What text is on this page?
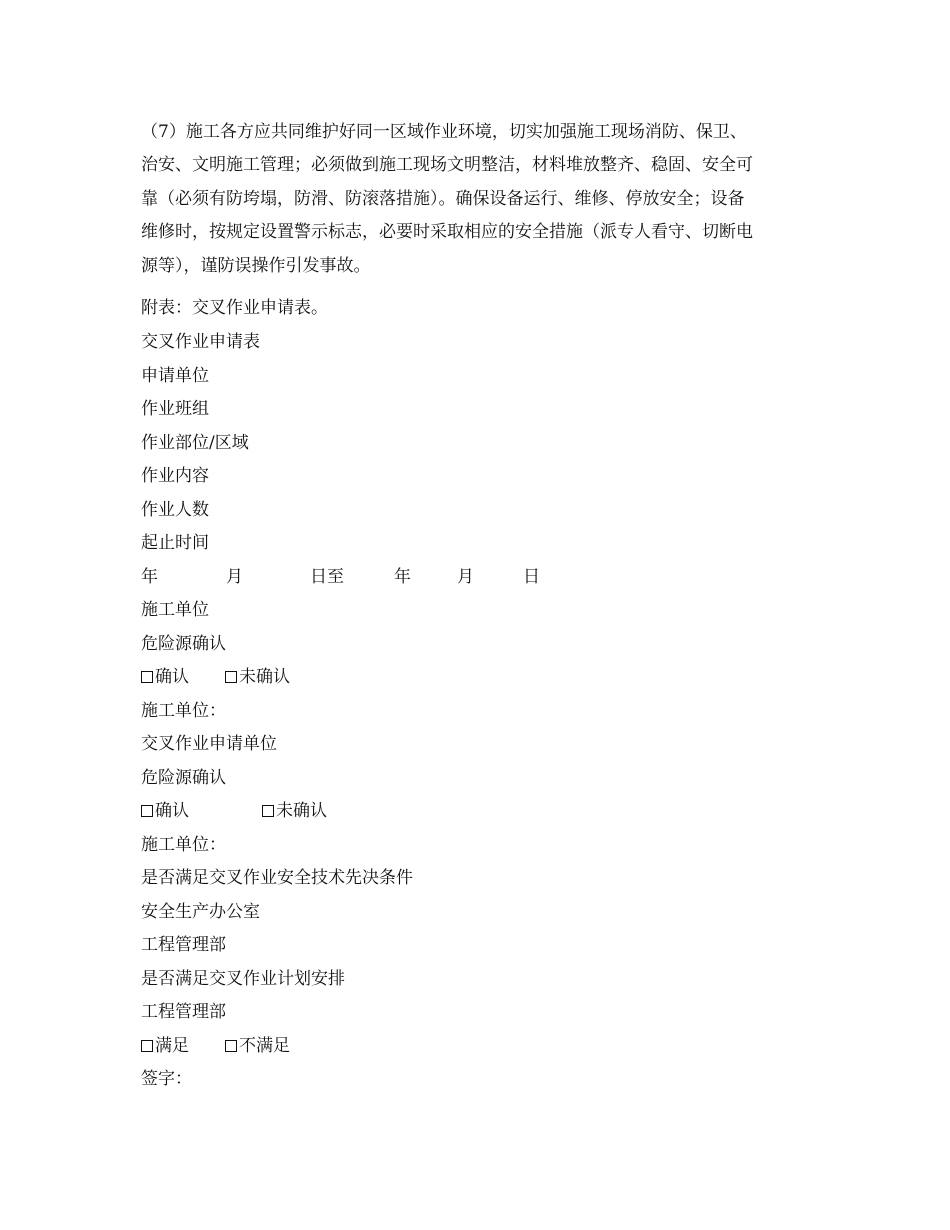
（7）施工各方应共同维护好同一区域作业环境，切实加强施工现场消防、保卫、
治安、文明施工管理；必须做到施工现场文明整洁，材料堆放整齐、稳固、安全可
靠（必须有防垮塌，防滑、防滚落措施）。确保设备运行、维修、停放安全；设备
维修时，按规定设置警示标志，必要时采取相应的安全措施（派专人看守、切断电
源等），谨防误操作引发事故。

附表：交叉作业申请表。
交叉作业申请表
申请单位
作业班组
作业部位/区域
作业内容
作业人数
起止时间
年	月	日至	年	月	日
施工单位
危险源确认
确认	未确认
施工单位：
交叉作业申请单位
危险源确认
确认	未确认
施工单位：
是否满足交叉作业安全技术先决条件
安全生产办公室
工程管理部
是否满足交叉作业计划安排
工程管理部
满足	不满足
签字：
